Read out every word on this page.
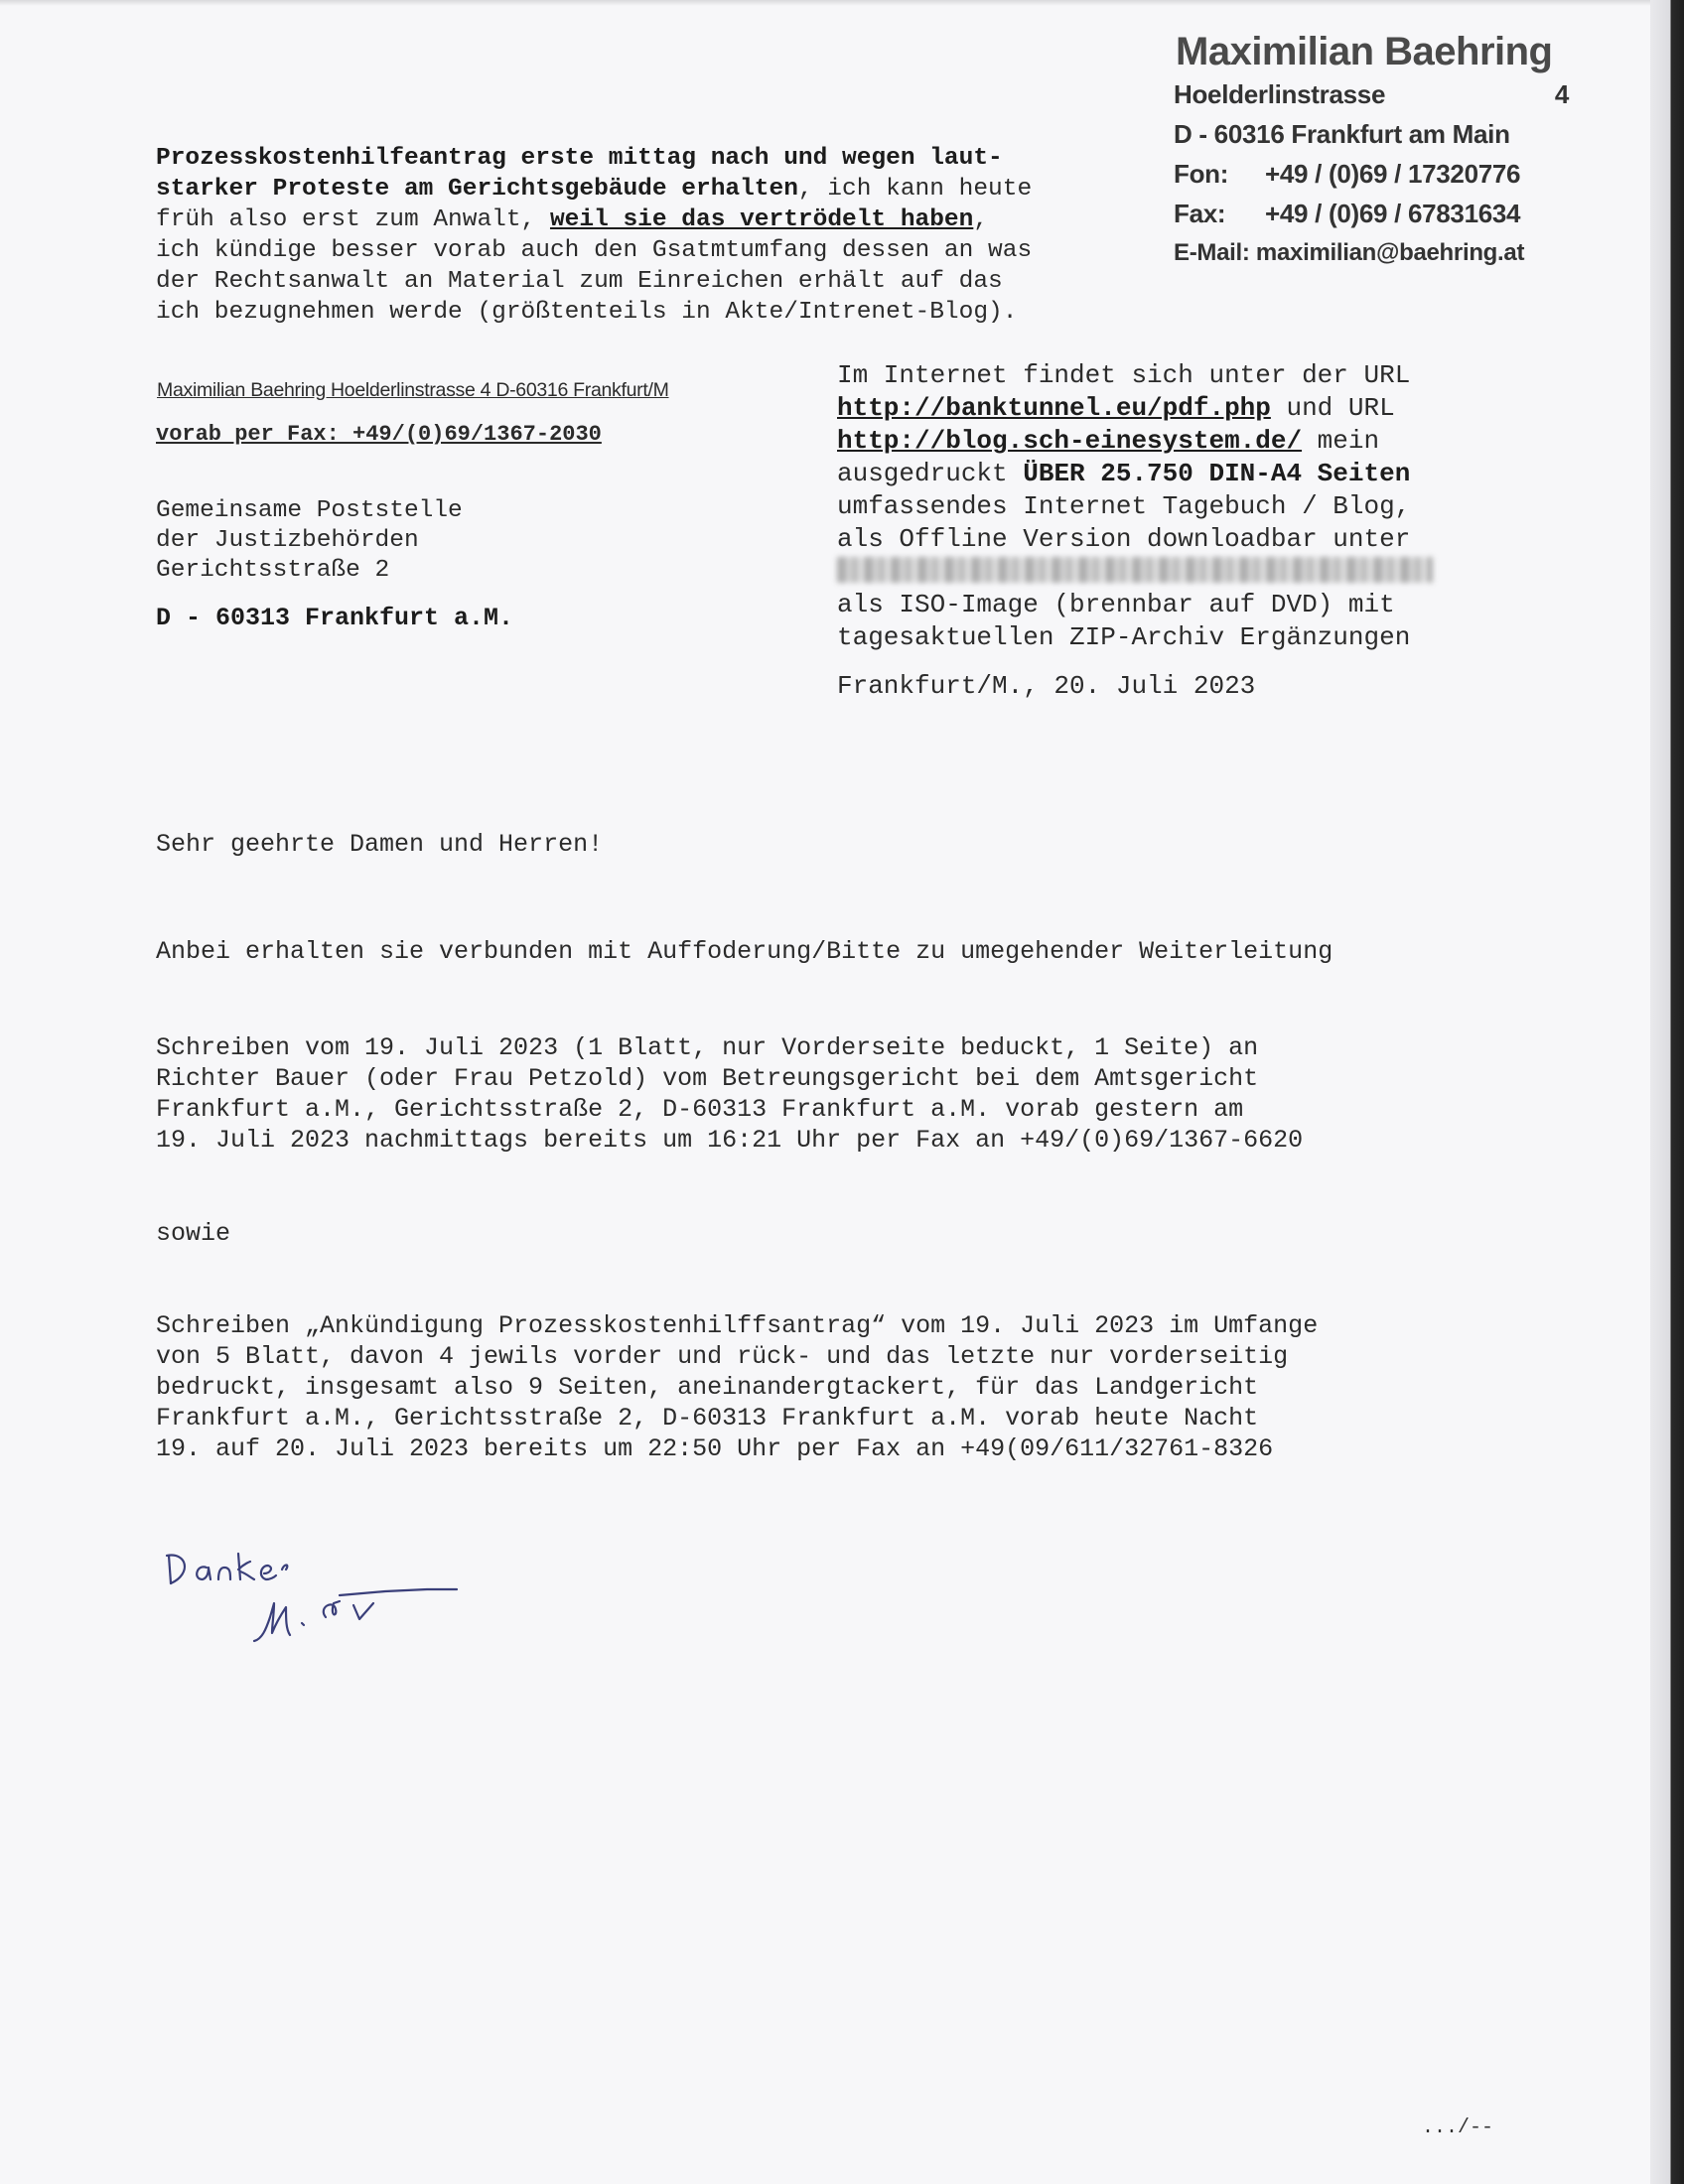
Maximilian Baehring
Hoelderlinstrasse	4
D - 60316 Frankfurt am Main
Fon: +49 / (0)69 / 17320776
Fax: +49 / (0)69 / 67831634
E-Mail: maximilian@baehring.at
Prozesskostenhilfeantrag erste mittag nach und wegen laut-
starker Proteste am Gerichtsgebäude erhalten, ich kann heute
früh also erst zum Anwalt, weil sie das vertrödelt haben,
ich kündige besser vorab auch den Gsatmtumfang dessen an was
der Rechtsanwalt an Material zum Einreichen erhält auf das
ich bezugnehmen werde (größtenteils in Akte/Intrenet-Blog).
Maximilian Baehring Hoelderlinstrasse 4 D-60316 Frankfurt/M
vorab per Fax: +49/(0)69/1367-2030
Gemeinsame Poststelle
der Justizbehörden
Gerichtsstraße 2
D - 60313 Frankfurt a.M.
Im Internet findet sich unter der URL
http://banktunnel.eu/pdf.php und URL
http://blog.sch-einesystem.de/ mein
ausgedruckt ÜBER 25.750 DIN-A4 Seiten
umfassendes Internet Tagebuch / Blog,
als Offline Version downloadbar unter
als ISO-Image (brennbar auf DVD) mit
tagesaktuellen ZIP-Archiv Ergänzungen
Frankfurt/M., 20. Juli 2023
Sehr geehrte Damen und Herren!
Anbei erhalten sie verbunden mit Auffoderung/Bitte zu umegehender Weiterleitung
Schreiben vom 19. Juli 2023 (1 Blatt, nur Vorderseite beduckt, 1 Seite) an
Richter Bauer (oder Frau Petzold) vom Betreungsgericht bei dem Amtsgericht
Frankfurt a.M., Gerichtsstraße 2, D-60313 Frankfurt a.M. vorab gestern am
19. Juli 2023 nachmittags bereits um 16:21 Uhr per Fax an +49/(0)69/1367-6620
sowie
Schreiben „Ankündigung Prozesskostenhilffsantrag“ vom 19. Juli 2023 im Umfange
von 5 Blatt, davon 4 jewils vorder und rück- und das letzte nur vorderseitig
bedruckt, insgesamt also 9 Seiten, aneinandergtackert, für das Landgericht
Frankfurt a.M., Gerichtsstraße 2, D-60313 Frankfurt a.M. vorab heute Nacht
19. auf 20. Juli 2023 bereits um 22:50 Uhr per Fax an +49(09/611/32761-8326
.../--
